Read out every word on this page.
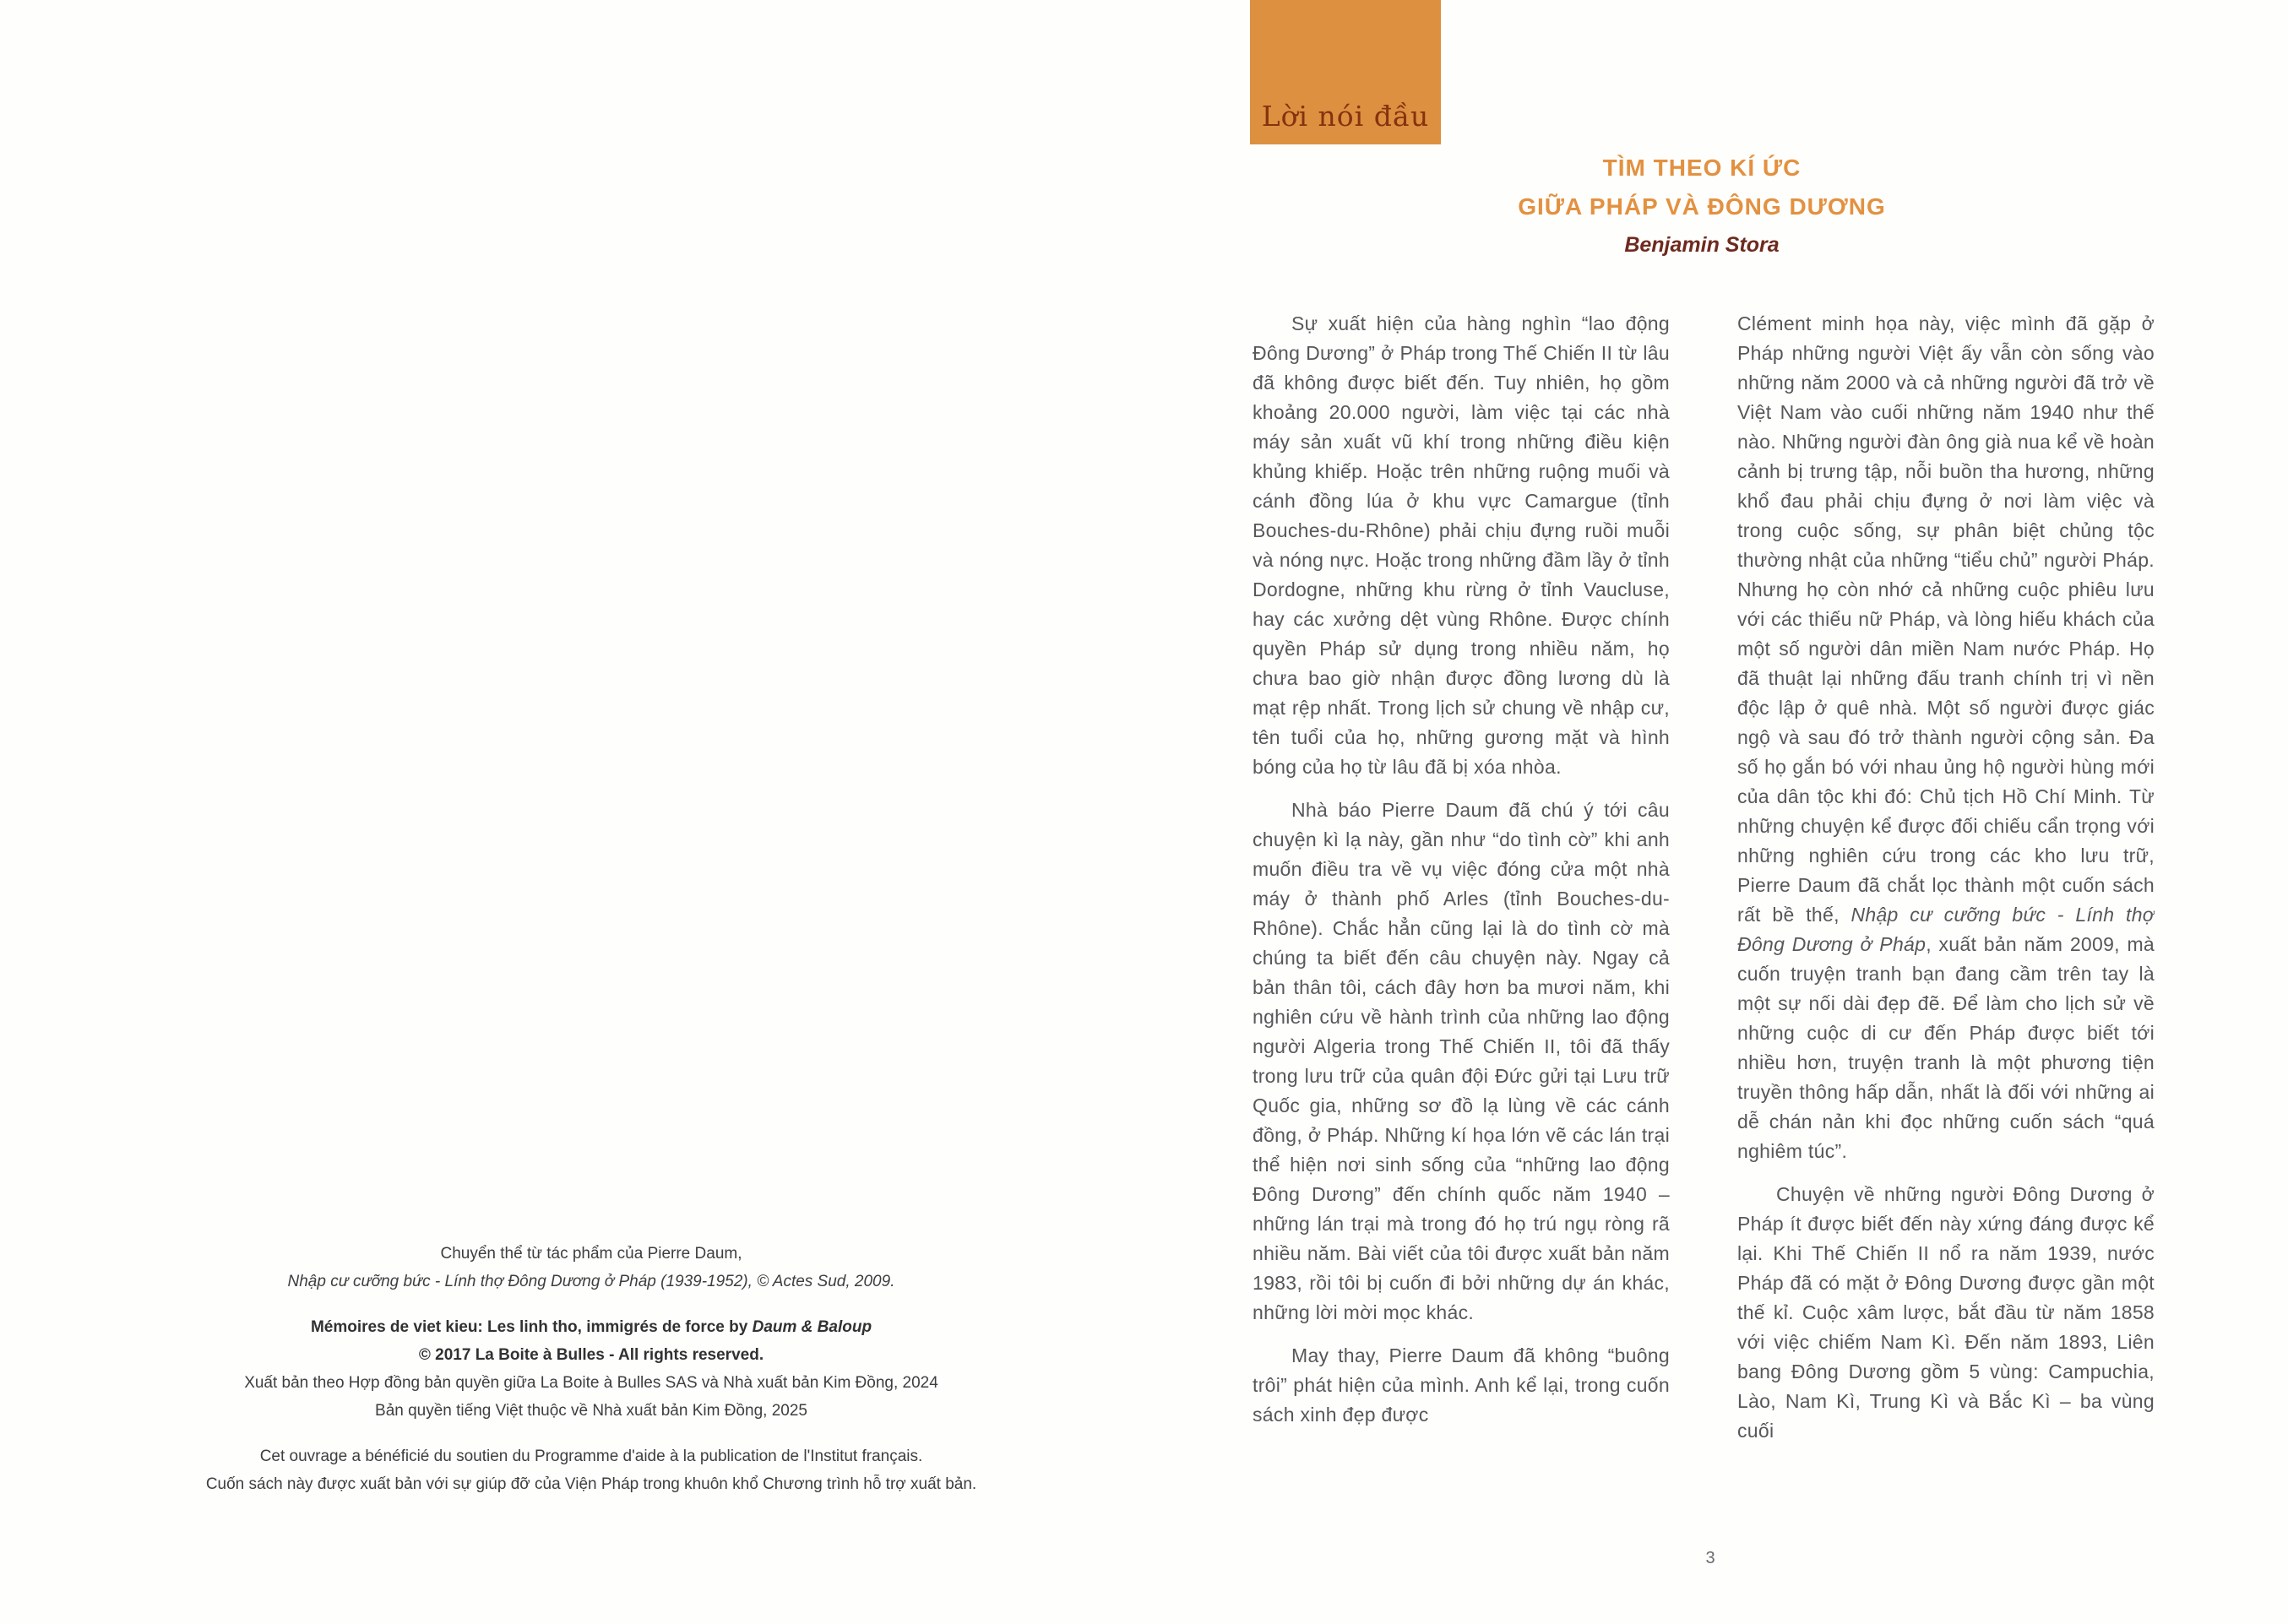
Chuyển thể từ tác phẩm của Pierre Daum,
Nhập cư cưỡng bức - Lính thợ Đông Dương ở Pháp (1939-1952), © Actes Sud, 2009.
Mémoires de viet kieu: Les linh tho, immigrés de force by Daum & Baloup
© 2017 La Boite à Bulles - All rights reserved.
Xuất bản theo Hợp đồng bản quyền giữa La Boite à Bulles SAS và Nhà xuất bản Kim Đồng, 2024
Bản quyền tiếng Việt thuộc về Nhà xuất bản Kim Đồng, 2025
Cet ouvrage a bénéficié du soutien du Programme d'aide à la publication de l'Institut français.
Cuốn sách này được xuất bản với sự giúp đỡ của Viện Pháp trong khuôn khổ Chương trình hỗ trợ xuất bản.
Lời nói đầu
TÌM THEO KÍ ỨC
GIỮA PHÁP VÀ ĐÔNG DƯƠNG
Benjamin Stora

Sự xuất hiện của hàng nghìn “lao động Đông Dương” ở Pháp trong Thế Chiến II từ lâu đã không được biết đến. Tuy nhiên, họ gồm khoảng 20.000 người, làm việc tại các nhà máy sản xuất vũ khí trong những điều kiện khủng khiếp. Hoặc trên những ruộng muối và cánh đồng lúa ở khu vực Camargue (tỉnh Bouches-du-Rhône) phải chịu đựng ruồi muỗi và nóng nực. Hoặc trong những đầm lầy ở tỉnh Dordogne, những khu rừng ở tỉnh Vaucluse, hay các xưởng dệt vùng Rhône. Được chính quyền Pháp sử dụng trong nhiều năm, họ chưa bao giờ nhận được đồng lương dù là mạt rệp nhất. Trong lịch sử chung về nhập cư, tên tuổi của họ, những gương mặt và hình bóng của họ từ lâu đã bị xóa nhòa.

Nhà báo Pierre Daum đã chú ý tới câu chuyện kì lạ này, gần như “do tình cờ” khi anh muốn điều tra về vụ việc đóng cửa một nhà máy ở thành phố Arles (tỉnh Bouches-du-Rhône). Chắc hẳn cũng lại là do tình cờ mà chúng ta biết đến câu chuyện này. Ngay cả bản thân tôi, cách đây hơn ba mươi năm, khi nghiên cứu về hành trình của những lao động người Algeria trong Thế Chiến II, tôi đã thấy trong lưu trữ của quân đội Đức gửi tại Lưu trữ Quốc gia, những sơ đồ lạ lùng về các cánh đồng, ở Pháp. Những kí họa lớn vẽ các lán trại thể hiện nơi sinh sống của “những lao động Đông Dương” đến chính quốc năm 1940 – những lán trại mà trong đó họ trú ngụ ròng rã nhiều năm. Bài viết của tôi được xuất bản năm 1983, rồi tôi bị cuốn đi bởi những dự án khác, những lời mời mọc khác.

May thay, Pierre Daum đã không “buông trôi” phát hiện của mình. Anh kể lại, trong cuốn sách xinh đẹp được

Clément minh họa này, việc mình đã gặp ở Pháp những người Việt ấy vẫn còn sống vào những năm 2000 và cả những người đã trở về Việt Nam vào cuối những năm 1940 như thế nào. Những người đàn ông già nua kể về hoàn cảnh bị trưng tập, nỗi buồn tha hương, những khổ đau phải chịu đựng ở nơi làm việc và trong cuộc sống, sự phân biệt chủng tộc thường nhật của những “tiểu chủ” người Pháp. Nhưng họ còn nhớ cả những cuộc phiêu lưu với các thiếu nữ Pháp, và lòng hiếu khách của một số người dân miền Nam nước Pháp. Họ đã thuật lại những đấu tranh chính trị vì nền độc lập ở quê nhà. Một số người được giác ngộ và sau đó trở thành người cộng sản. Đa số họ gắn bó với nhau ủng hộ người hùng mới của dân tộc khi đó: Chủ tịch Hồ Chí Minh. Từ những chuyện kể được đối chiếu cẩn trọng với những nghiên cứu trong các kho lưu trữ, Pierre Daum đã chắt lọc thành một cuốn sách rất bề thế, Nhập cư cưỡng bức - Lính thợ Đông Dương ở Pháp, xuất bản năm 2009, mà cuốn truyện tranh bạn đang cầm trên tay là một sự nối dài đẹp đẽ. Để làm cho lịch sử về những cuộc di cư đến Pháp được biết tới nhiều hơn, truyện tranh là một phương tiện truyền thông hấp dẫn, nhất là đối với những ai dễ chán nản khi đọc những cuốn sách “quá nghiêm túc”.

Chuyện về những người Đông Dương ở Pháp ít được biết đến này xứng đáng được kể lại. Khi Thế Chiến II nổ ra năm 1939, nước Pháp đã có mặt ở Đông Dương được gần một thế kỉ. Cuộc xâm lược, bắt đầu từ năm 1858 với việc chiếm Nam Kì. Đến năm 1893, Liên bang Đông Dương gồm 5 vùng: Campuchia, Lào, Nam Kì, Trung Kì và Bắc Kì – ba vùng cuối

3
